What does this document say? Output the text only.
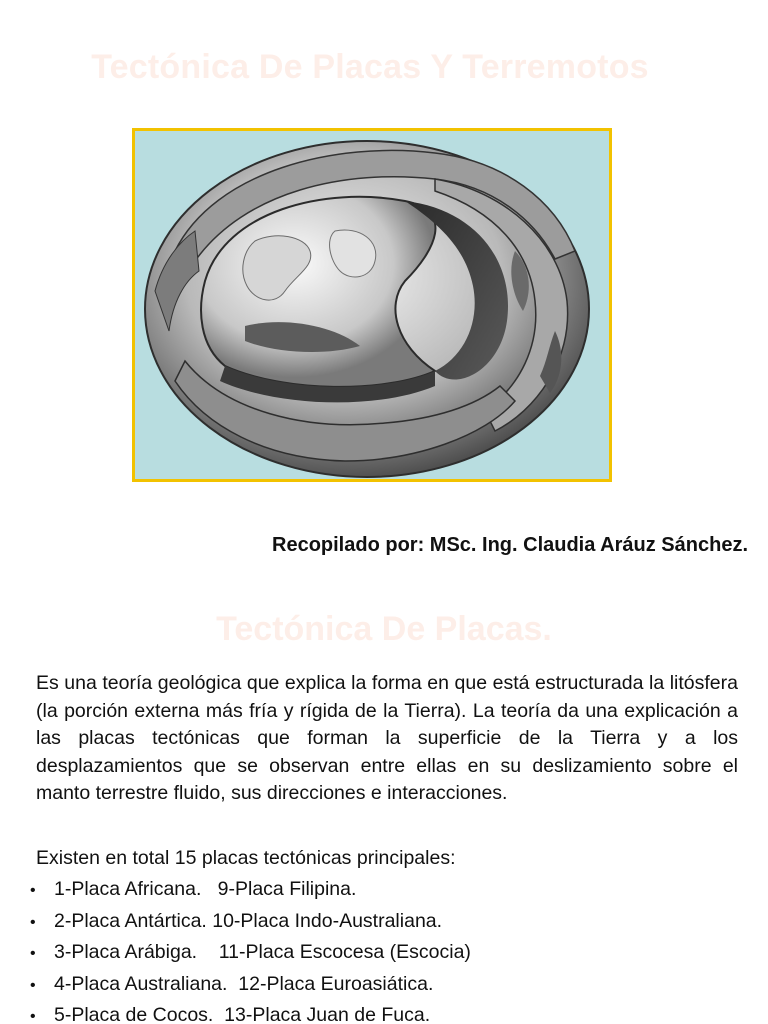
Tectónica De Placas Y Terremotos
Recopilado por: MSc. Ing. Claudia Aráuz Sánchez.
Tectónica De Placas.
Es una teoría geológica que explica la forma en que está estructurada la litósfera (la porción externa más fría y rígida de la Tierra). La teoría da una explicación a las placas tectónicas que forman la superficie de la Tierra y a los desplazamientos que se observan entre ellas en su deslizamiento sobre el manto terrestre fluido, sus direcciones e interacciones.
Existen en total 15 placas tectónicas principales:
• 1-Placa Africana.   9-Placa Filipina.
• 2-Placa Antártica. 10-Placa Indo-Australiana.
• 3-Placa Arábiga.    11-Placa Escocesa (Escocia)
• 4-Placa Australiana.  12-Placa Euroasiática.
• 5-Placa de Cocos.  13-Placa Juan de Fuca.
